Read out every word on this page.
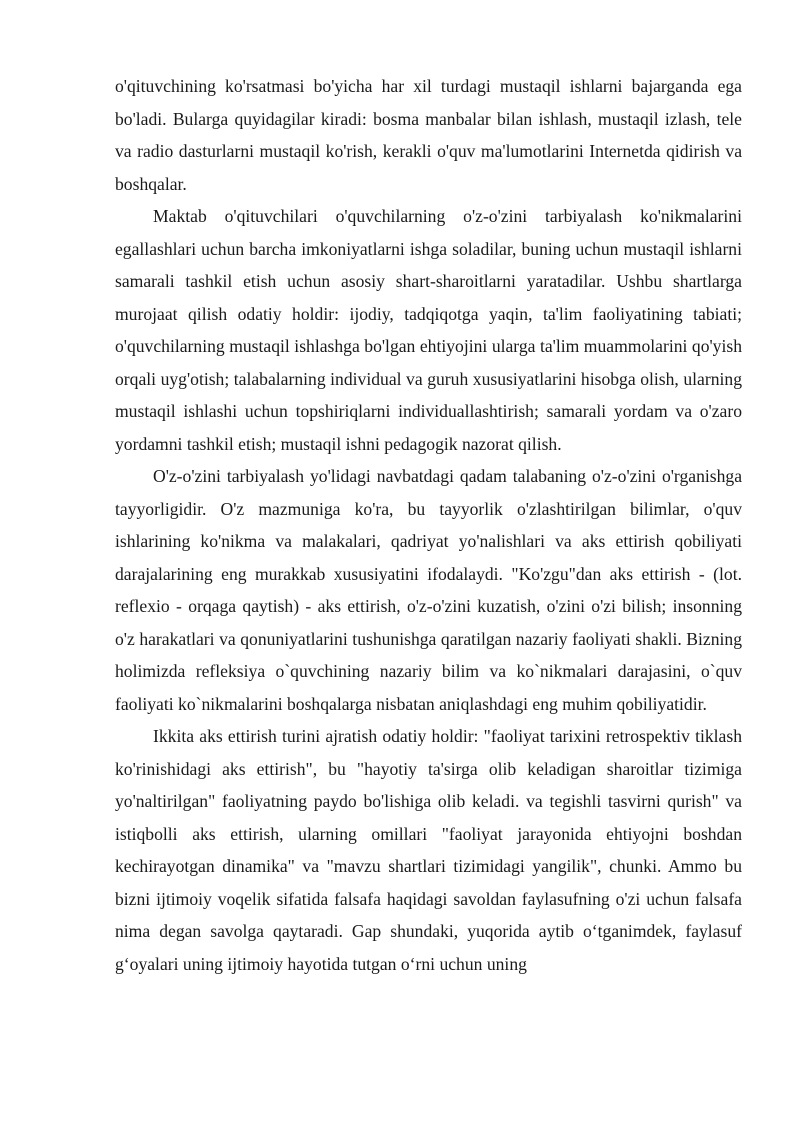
o'qituvchining ko'rsatmasi bo'yicha har xil turdagi mustaqil ishlarni bajarganda ega bo'ladi. Bularga quyidagilar kiradi: bosma manbalar bilan ishlash, mustaqil izlash, tele va radio dasturlarni mustaqil ko'rish, kerakli o'quv ma'lumotlarini Internetda qidirish va boshqalar.

Maktab o'qituvchilari o'quvchilarning o'z-o'zini tarbiyalash ko'nikmalarini egallashlari uchun barcha imkoniyatlarni ishga soladilar, buning uchun mustaqil ishlarni samarali tashkil etish uchun asosiy shart-sharoitlarni yaratadilar. Ushbu shartlarga murojaat qilish odatiy holdir: ijodiy, tadqiqotga yaqin, ta'lim faoliyatining tabiati; o'quvchilarning mustaqil ishlashga bo'lgan ehtiyojini ularga ta'lim muammolarini qo'yish orqali uyg'otish; talabalarning individual va guruh xususiyatlarini hisobga olish, ularning mustaqil ishlashi uchun topshiriqlarni individuallashtirish; samarali yordam va o'zaro yordamni tashkil etish; mustaqil ishni pedagogik nazorat qilish.

O'z-o'zini tarbiyalash yo'lidagi navbatdagi qadam talabaning o'z-o'zini o'rganishga tayyorligidir. O'z mazmuniga ko'ra, bu tayyorlik o'zlashtirilgan bilimlar, o'quv ishlarining ko'nikma va malakalari, qadriyat yo'nalishlari va aks ettirish qobiliyati darajalarining eng murakkab xususiyatini ifodalaydi. "Ko'zgu"dan aks ettirish - (lot. reflexio - orqaga qaytish) - aks ettirish, o'z-o'zini kuzatish, o'zini o'zi bilish; insonning o'z harakatlari va qonuniyatlarini tushunishga qaratilgan nazariy faoliyati shakli. Bizning holimizda refleksiya o`quvchining nazariy bilim va ko`nikmalari darajasini, o`quv faoliyati ko`nikmalarini boshqalarga nisbatan aniqlashdagi eng muhim qobiliyatidir.

Ikkita aks ettirish turini ajratish odatiy holdir: "faoliyat tarixini retrospektiv tiklash ko'rinishidagi aks ettirish", bu "hayotiy ta'sirga olib keladigan sharoitlar tizimiga yo'naltirilgan" faoliyatning paydo bo'lishiga olib keladi. va tegishli tasvirni qurish" va istiqbolli aks ettirish, ularning omillari "faoliyat jarayonida ehtiyojni boshdan kechirayotgan dinamika" va "mavzu shartlari tizimidagi yangilik", chunki. Ammo bu bizni ijtimoiy voqelik sifatida falsafa haqidagi savoldan faylasufning o'zi uchun falsafa nima degan savolga qaytaradi. Gap shundaki, yuqorida aytib o‘tganimdek, faylasuf g‘oyalari uning ijtimoiy hayotida tutgan o‘rni uchun uning
